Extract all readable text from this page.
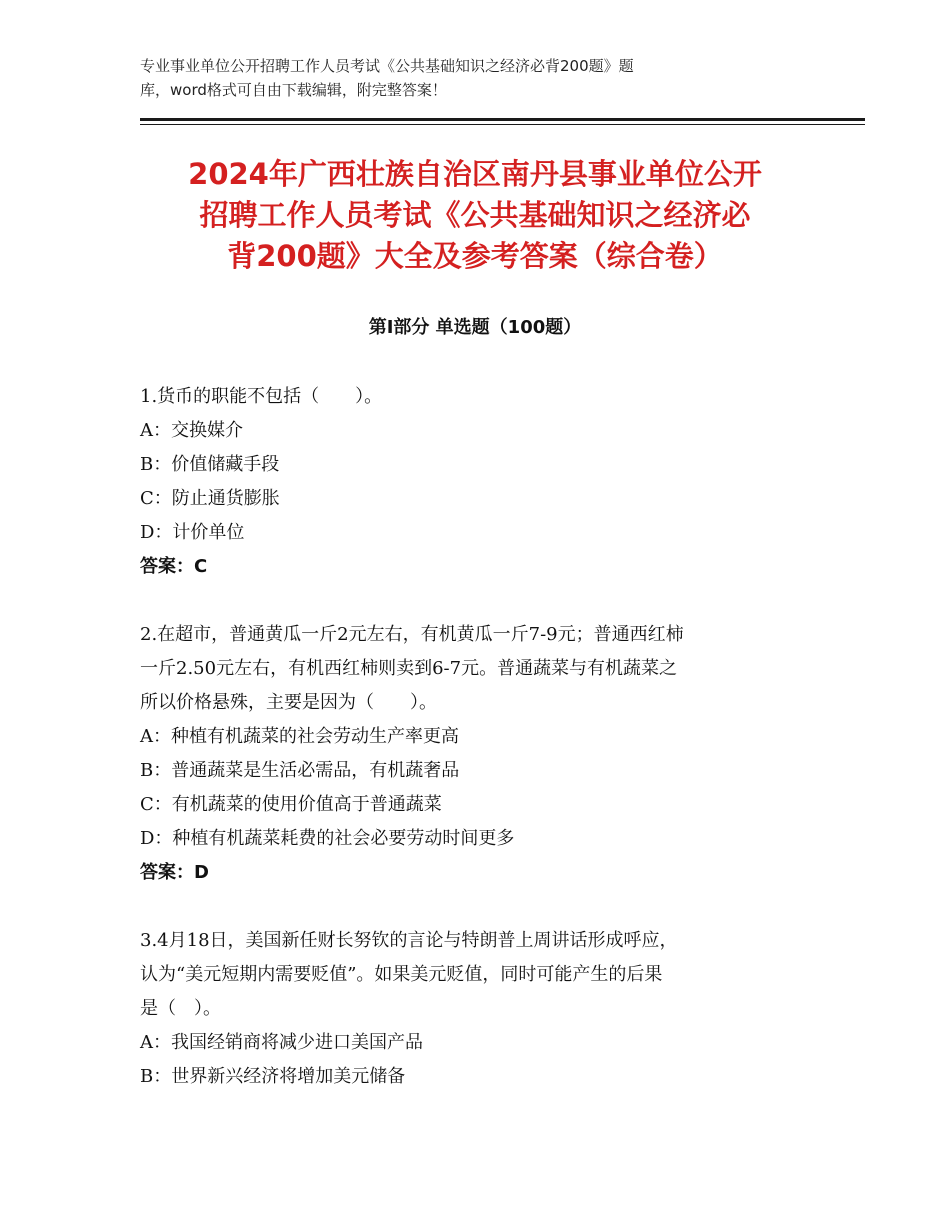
专业事业单位公开招聘工作人员考试《公共基础知识之经济必背200题》题
库，word格式可自由下载编辑，附完整答案！
2024年广西壮族自治区南丹县事业单位公开
招聘工作人员考试《公共基础知识之经济必
背200题》大全及参考答案（综合卷）
第Ⅰ部分 单选题（100题）
1.货币的职能不包括（　　）。
A：交换媒介
B：价值储藏手段
C：防止通货膨胀
D：计价单位
答案：C
2.在超市，普通黄瓜一斤2元左右，有机黄瓜一斤7-9元；普通西红柿
一斤2.50元左右，有机西红柿则卖到6-7元。普通蔬菜与有机蔬菜之
所以价格悬殊，主要是因为（　　）。
A：种植有机蔬菜的社会劳动生产率更高
B：普通蔬菜是生活必需品，有机蔬奢品
C：有机蔬菜的使用价值高于普通蔬菜
D：种植有机蔬菜耗费的社会必要劳动时间更多
答案：D
3.4月18日，美国新任财长努钦的言论与特朗普上周讲话形成呼应，
认为“美元短期内需要贬值”。如果美元贬值，同时可能产生的后果
是（　）。
A：我国经销商将减少进口美国产品
B：世界新兴经济将增加美元储备
